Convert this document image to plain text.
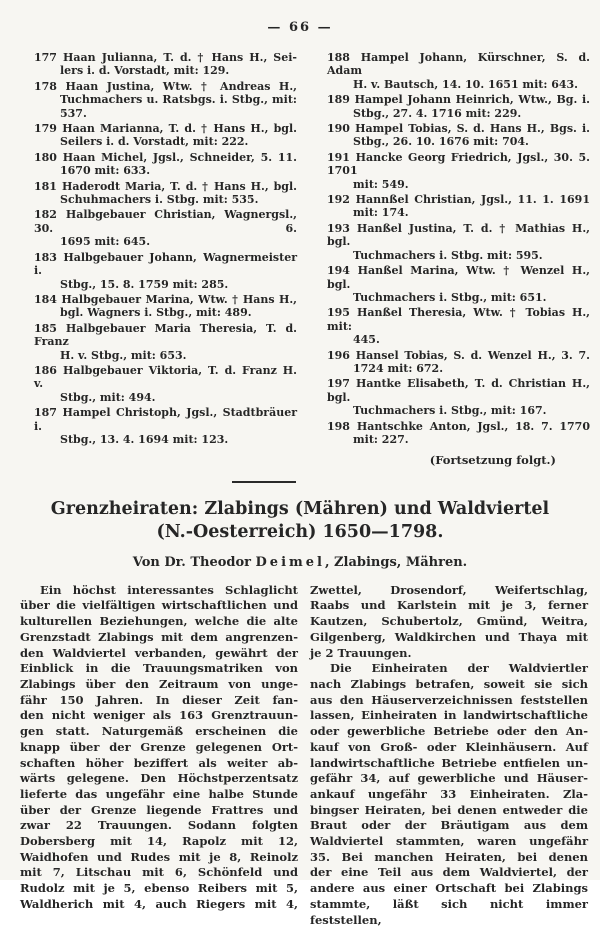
— 66 —
177 Haan Julianna, T. d. † Hans H., Sei-
lers i. d. Vorstadt, mit: 129.
178 Haan Justina, Wtw. † Andreas H.,
Tuchmachers u. Ratsbgs. i. Stbg., mit:
537.
179 Haan Marianna, T. d. † Hans H., bgl.
Seilers i. d. Vorstadt, mit: 222.
180 Haan Michel, Jgsl., Schneider, 5. 11.
1670 mit: 633.
181 Haderodt Maria, T. d. † Hans H., bgl.
Schuhmachers i. Stbg. mit: 535.
182 Halbgebauer Christian, Wagnergsl., 30. 6.
1695 mit: 645.
183 Halbgebauer Johann, Wagnermeister i.
Stbg., 15. 8. 1759 mit: 285.
184 Halbgebauer Marina, Wtw. † Hans H.,
bgl. Wagners i. Stbg., mit: 489.
185 Halbgebauer Maria Theresia, T. d. Franz
H. v. Stbg., mit: 653.
186 Halbgebauer Viktoria, T. d. Franz H. v.
Stbg., mit: 494.
187 Hampel Christoph, Jgsl., Stadtbräuer i.
Stbg., 13. 4. 1694 mit: 123.
188 Hampel Johann, Kürschner, S. d. Adam
H. v. Bautsch, 14. 10. 1651 mit: 643.
189 Hampel Johann Heinrich, Wtw., Bg. i.
Stbg., 27. 4. 1716 mit: 229.
190 Hampel Tobias, S. d. Hans H., Bgs. i.
Stbg., 26. 10. 1676 mit: 704.
191 Hancke Georg Friedrich, Jgsl., 30. 5. 1701
mit: 549.
192 Hannßel Christian, Jgsl., 11. 1. 1691
mit: 174.
193 Hanßel Justina, T. d. † Mathias H., bgl.
Tuchmachers i. Stbg. mit: 595.
194 Hanßel Marina, Wtw. † Wenzel H., bgl.
Tuchmachers i. Stbg., mit: 651.
195 Hanßel Theresia, Wtw. † Tobias H., mit:
445.
196 Hansel Tobias, S. d. Wenzel H., 3. 7.
1724 mit: 672.
197 Hantke Elisabeth, T. d. Christian H., bgl.
Tuchmachers i. Stbg., mit: 167.
198 Hantschke Anton, Jgsl., 18. 7. 1770
mit: 227.
(Fortsetzung folgt.)
Grenzheiraten: Zlabings (Mähren) und Waldviertel
(N.-Oesterreich) 1650—1798.
Von Dr. Theodor Deimel, Zlabings, Mähren.
Ein höchst interessantes Schlaglicht
über die vielfältigen wirtschaftlichen und
kulturellen Beziehungen, welche die alte
Grenzstadt Zlabings mit dem angrenzen-
den Waldviertel verbanden, gewährt der
Einblick in die Trauungsmatriken von
Zlabings über den Zeitraum von unge-
fähr 150 Jahren. In dieser Zeit fan-
den nicht weniger als 163 Grenztrauun-
gen statt. Naturgemäß erscheinen die
knapp über der Grenze gelegenen Ort-
schaften höher beziffert als weiter ab-
wärts gelegene. Den Höchstperzentsatz
lieferte das ungefähr eine halbe Stunde
über der Grenze liegende Frattres und
zwar 22 Trauungen. Sodann folgten
Dobersberg mit 14, Rapolz mit 12,
Waidhofen und Rudes mit je 8, Reinolz
mit 7, Litschau mit 6, Schönfeld und
Rudolz mit je 5, ebenso Reibers mit 5,
Waldherich mit 4, auch Riegers mit 4,
Zwettel, Drosendorf, Weifertschlag,
Raabs und Karlstein mit je 3, ferner
Kautzen, Schubertolz, Gmünd, Weitra,
Gilgenberg, Waldkirchen und Thaya mit
je 2 Trauungen.
Die Einheiraten der Waldviertler
nach Zlabings betrafen, soweit sie sich
aus den Häuserverzeichnissen feststellen
lassen, Einheiraten in landwirtschaftliche
oder gewerbliche Betriebe oder den An-
kauf von Groß- oder Kleinhäusern. Auf
landwirtschaftliche Betriebe entfielen un-
gefähr 34, auf gewerbliche und Häuser-
ankauf ungefähr 33 Einheiraten. Zla-
bingser Heiraten, bei denen entweder die
Braut oder der Bräutigam aus dem
Waldviertel stammten, waren ungefähr
35. Bei manchen Heiraten, bei denen
der eine Teil aus dem Waldviertel, der
andere aus einer Ortschaft bei Zlabings
stammte, läßt sich nicht immer feststellen,
